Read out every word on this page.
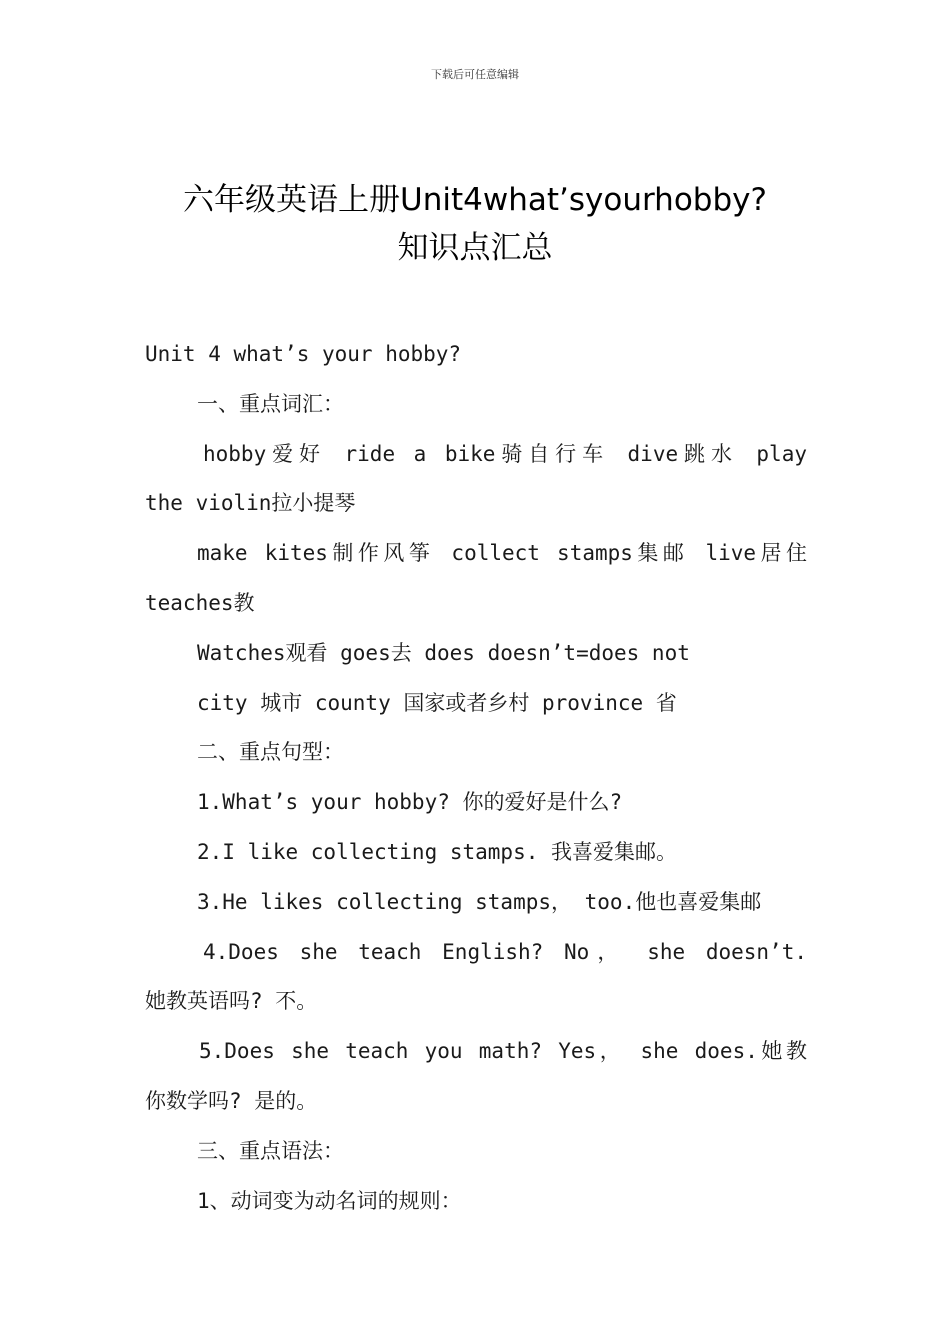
下载后可任意编辑
六年级英语上册Unit4what’syourhobby?
知识点汇总
Unit 4 what’s your hobby?
一、重点词汇：
hobby爱好 ride a bike骑自行车 dive跳水 play
the violin拉小提琴
make kites制作风筝 collect stamps集邮 live居住
teaches教
Watches观看 goes去 does doesn’t=does not
city 城市 county 国家或者乡村 province 省
二、重点句型：
1.What’s your hobby? 你的爱好是什么?
2.I like collecting stamps. 我喜爱集邮。
3.He likes collecting stamps， too.他也喜爱集邮
4.Does she teach English? No， she doesn’t.
她教英语吗? 不。
5.Does she teach you math? Yes， she does.她教
你数学吗? 是的。
三、重点语法：
1、动词变为动名词的规则：
